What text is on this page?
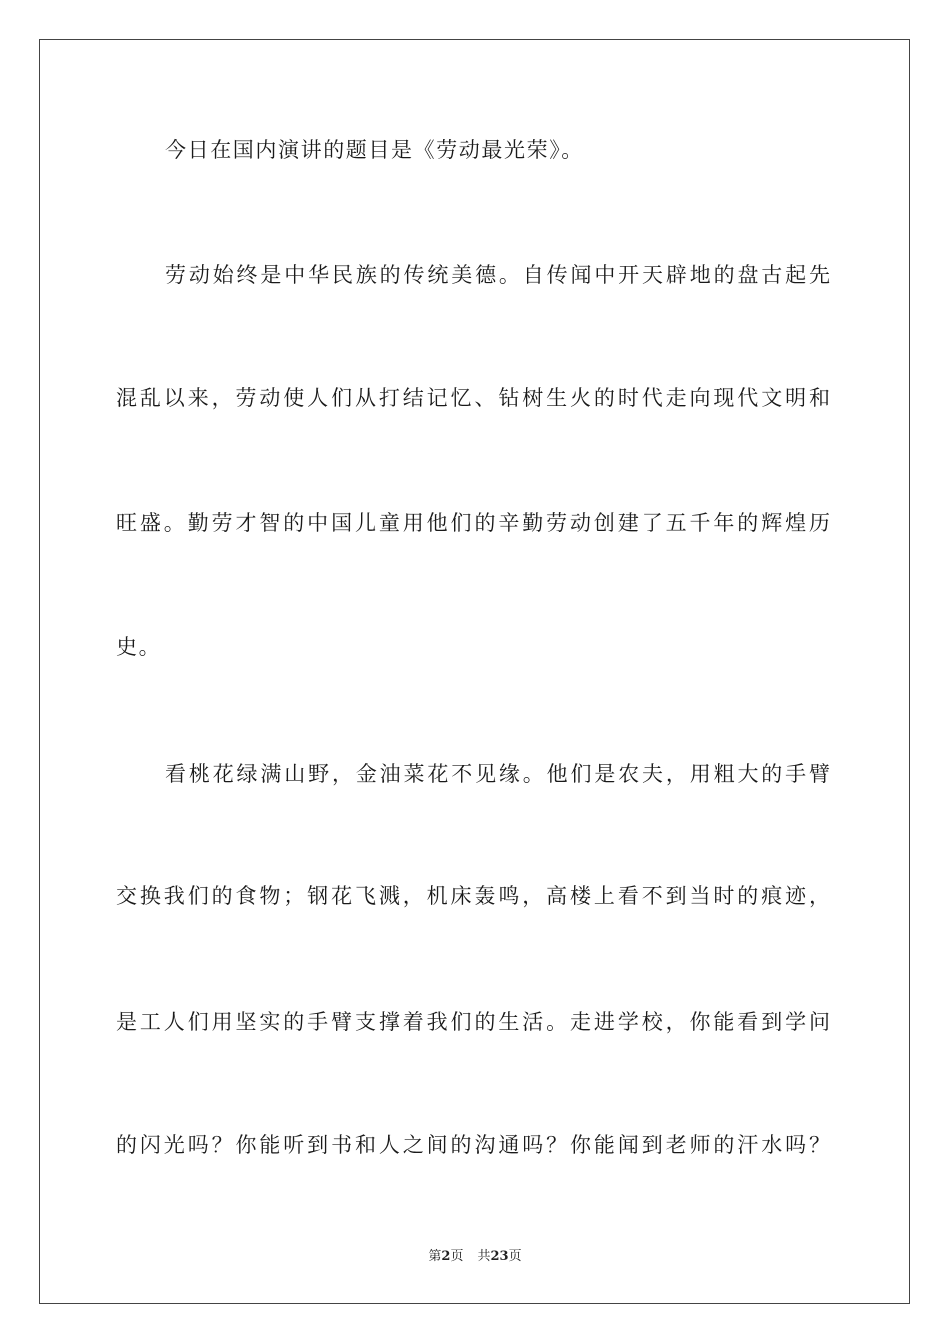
今日在国内演讲的题目是《劳动最光荣》。
劳动始终是中华民族的传统美德。自传闻中开天辟地的盘古起先
混乱以来，劳动使人们从打结记忆、钻树生火的时代走向现代文明和
旺盛。勤劳才智的中国儿童用他们的辛勤劳动创建了五千年的辉煌历
史。
看桃花绿满山野，金油菜花不见缘。他们是农夫，用粗大的手臂
交换我们的食物；钢花飞溅，机床轰鸣，高楼上看不到当时的痕迹，
是工人们用坚实的手臂支撑着我们的生活。走进学校，你能看到学问
的闪光吗？你能听到书和人之间的沟通吗？你能闻到老师的汗水吗？
第2页 共23页
